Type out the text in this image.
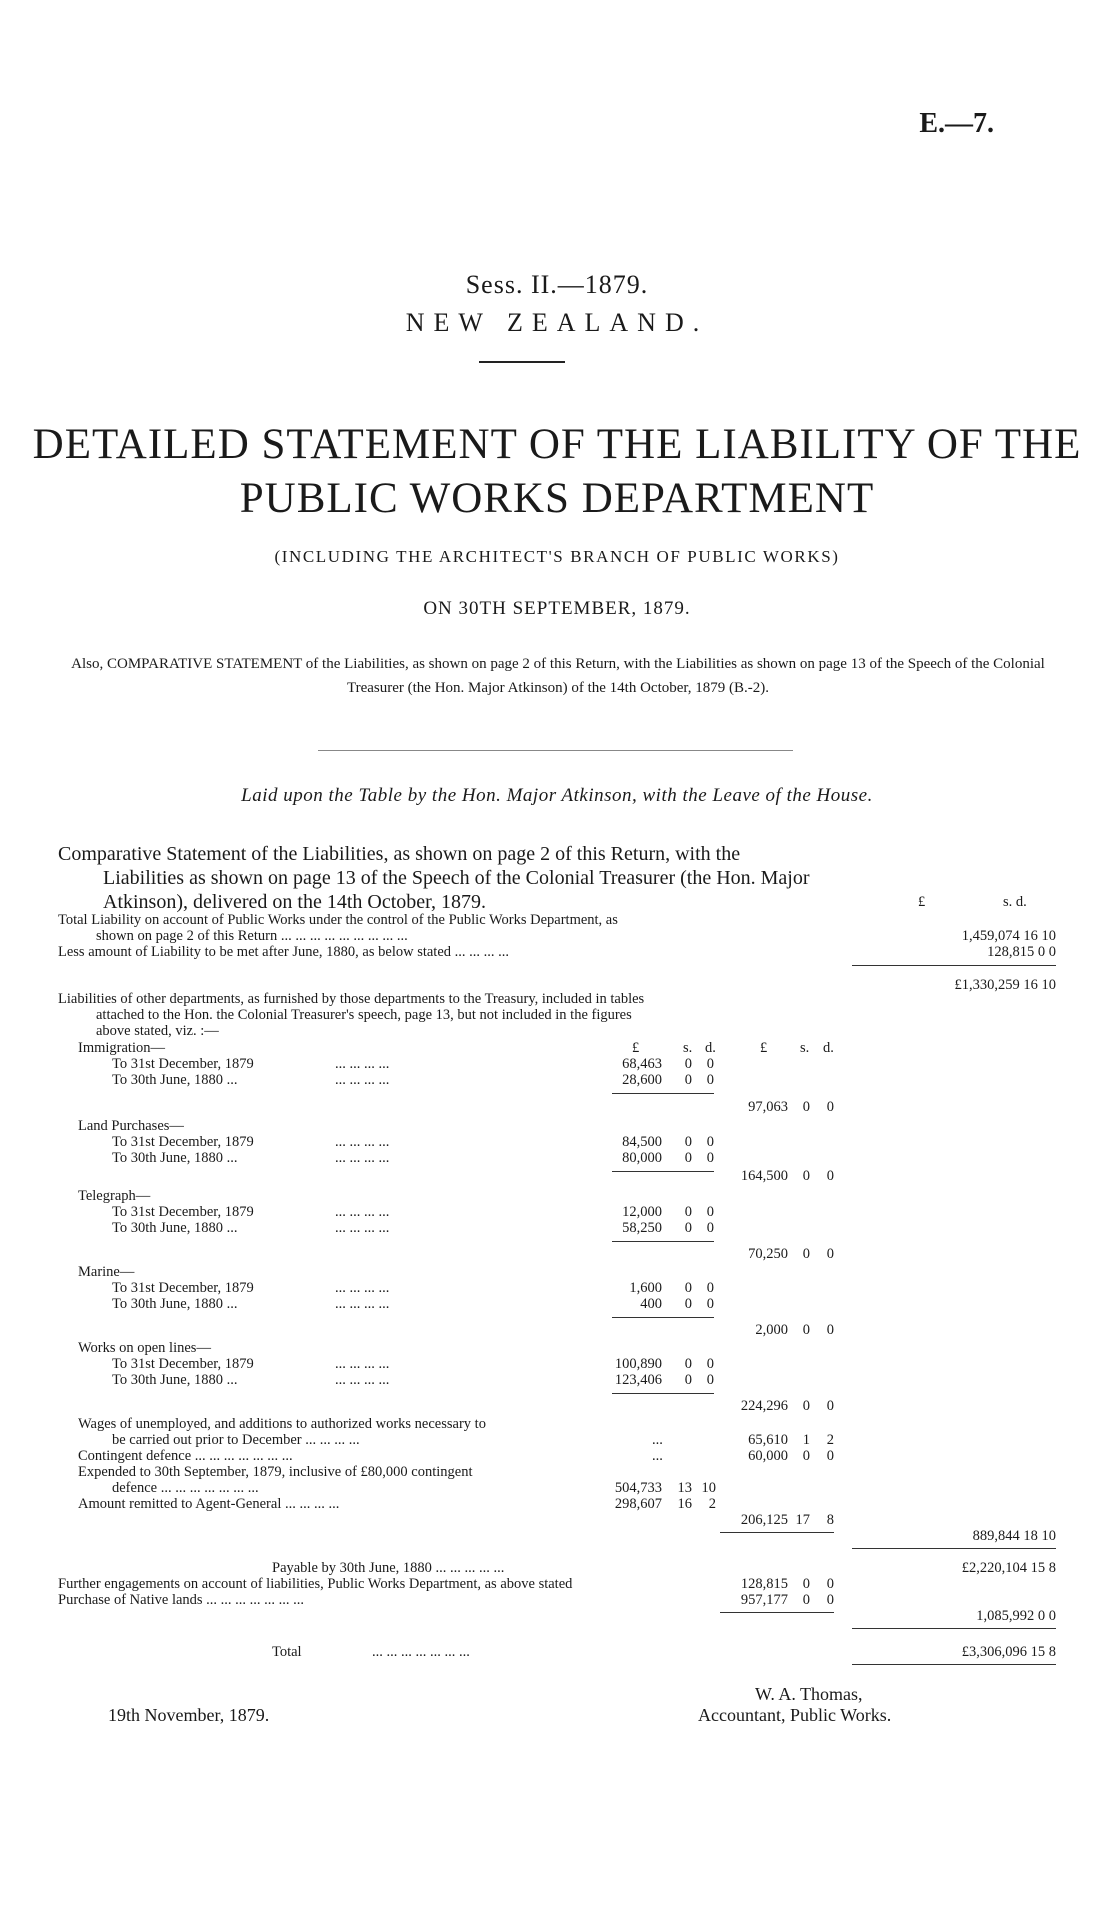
E.—7.
Sess. II.—1879.
NEW ZEALAND.
DETAILED STATEMENT OF THE LIABILITY OF THE
PUBLIC WORKS DEPARTMENT
(INCLUDING THE ARCHITECT'S BRANCH OF PUBLIC WORKS)
ON 30TH SEPTEMBER, 1879.
Also, COMPARATIVE STATEMENT of the Liabilities, as shown on page 2 of this Return, with the Liabilities as shown on page 13 of the Speech of the Colonial Treasurer (the Hon. Major Atkinson) of the 14th October, 1879 (B.-2).
Laid upon the Table by the Hon. Major Atkinson, with the Leave of the House.
Comparative Statement of the Liabilities, as shown on page 2 of this Return, with the
Liabilities as shown on page 13 of the Speech of the Colonial Treasurer (the Hon. Major
Atkinson), delivered on the 14th October, 1879.	£	s. d.
Total Liability on account of Public Works under the control of the Public Works Department, as
shown on page 2 of this Return ... ... ... ... ... ... ... ... ...	1,459,074 16 10
Less amount of Liability to be met after June, 1880, as below stated ... ... ... ...	128,815 0 0
£1,330,259 16 10
Liabilities of other departments, as furnished by those departments to the Treasury, included in tables
attached to the Hon. the Colonial Treasurer's speech, page 13, but not included in the figures
above stated, viz. :—
£	s. d.	£ s. d.
Immigration—
To 31st December, 1879	... ... ... ...	68,463	0	0
To 30th June, 1880 ...	... ... ... ...	28,600	0	0
97,063	0	0
Land Purchases—
To 31st December, 1879	... ... ... ...	84,500	0	0
To 30th June, 1880 ...	... ... ... ...	80,000	0	0
164,500	0	0
Telegraph—
To 31st December, 1879	... ... ... ...	12,000	0	0
To 30th June, 1880 ...	... ... ... ...	58,250	0	0
70,250	0	0
Marine—
To 31st December, 1879	... ... ... ...	1,600	0	0
To 30th June, 1880 ...	... ... ... ...	400	0	0
2,000	0	0
Works on open lines—
To 31st December, 1879	... ... ... ...	100,890	0	0
To 30th June, 1880 ...	... ... ... ...	123,406	0	0
224,296	0	0
Wages of unemployed, and additions to authorized works necessary to
be carried out prior to December ... ... ... ...	...	65,610	1	2
Contingent defence ... ... ... ... ... ... ...	...	60,000	0	0
Expended to 30th September, 1879, inclusive of £80,000 contingent
defence ... ... ... ... ... ... ...	504,733	13 10
Amount remitted to Agent-General ... ... ... ...	298,607	16	2
206,125 17	8
889,844 18 10
Payable by 30th June, 1880 ... ... ... ... ...	£2,220,104 15 8
Further engagements on account of liabilities, Public Works Department, as above stated	128,815	0	0
Purchase of Native lands ... ... ... ... ... ... ...	957,177	0	0
1,085,992 0 0
Total	... ... ... ... ... ... ...	£3,306,096 15 8
19th November, 1879.
W. A. Thomas,
Accountant, Public Works.
